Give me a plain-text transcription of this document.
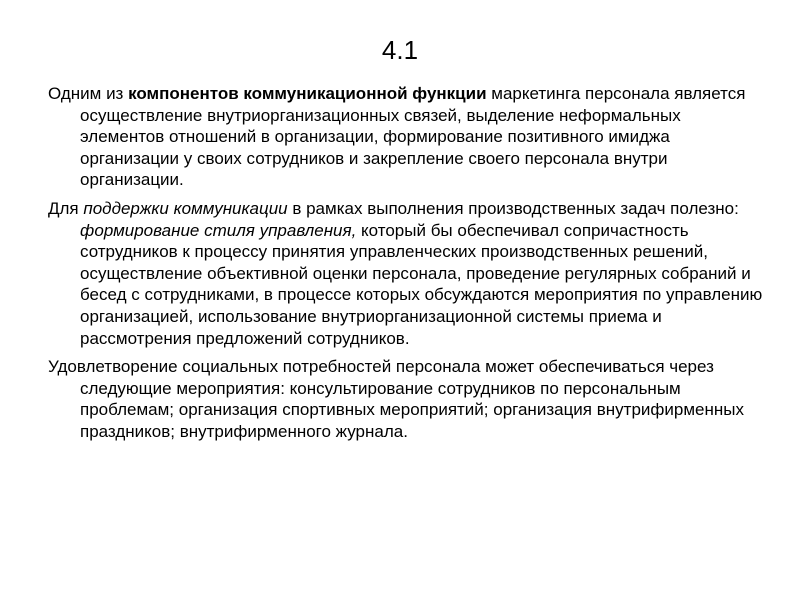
4.1

Одним из компонентов коммуникационной функции маркетинга персонала является осуществление внутриорганизационных связей, выделение неформальных элементов отношений в организации, формирование позитивного имиджа организации у своих сотрудников и закрепление своего персонала внутри организации.

Для поддержки коммуникации в рамках выполнения производственных задач полезно: формирование стиля управления, который бы обеспечивал сопричастность сотрудников к процессу принятия управленческих производственных решений, осуществление объективной оценки персонала, проведение регулярных собраний и бесед с сотрудниками, в процессе которых обсуждаются мероприятия по управлению организацией, использование внутриорганизационной системы приема и рассмотрения предложений сотрудников.

Удовлетворение социальных потребностей персонала может обеспечиваться через следующие мероприятия: консультирование сотрудников по персональным проблемам; организация спортивных мероприятий; организация внутрифирменных праздников; внутрифирменного журнала.
